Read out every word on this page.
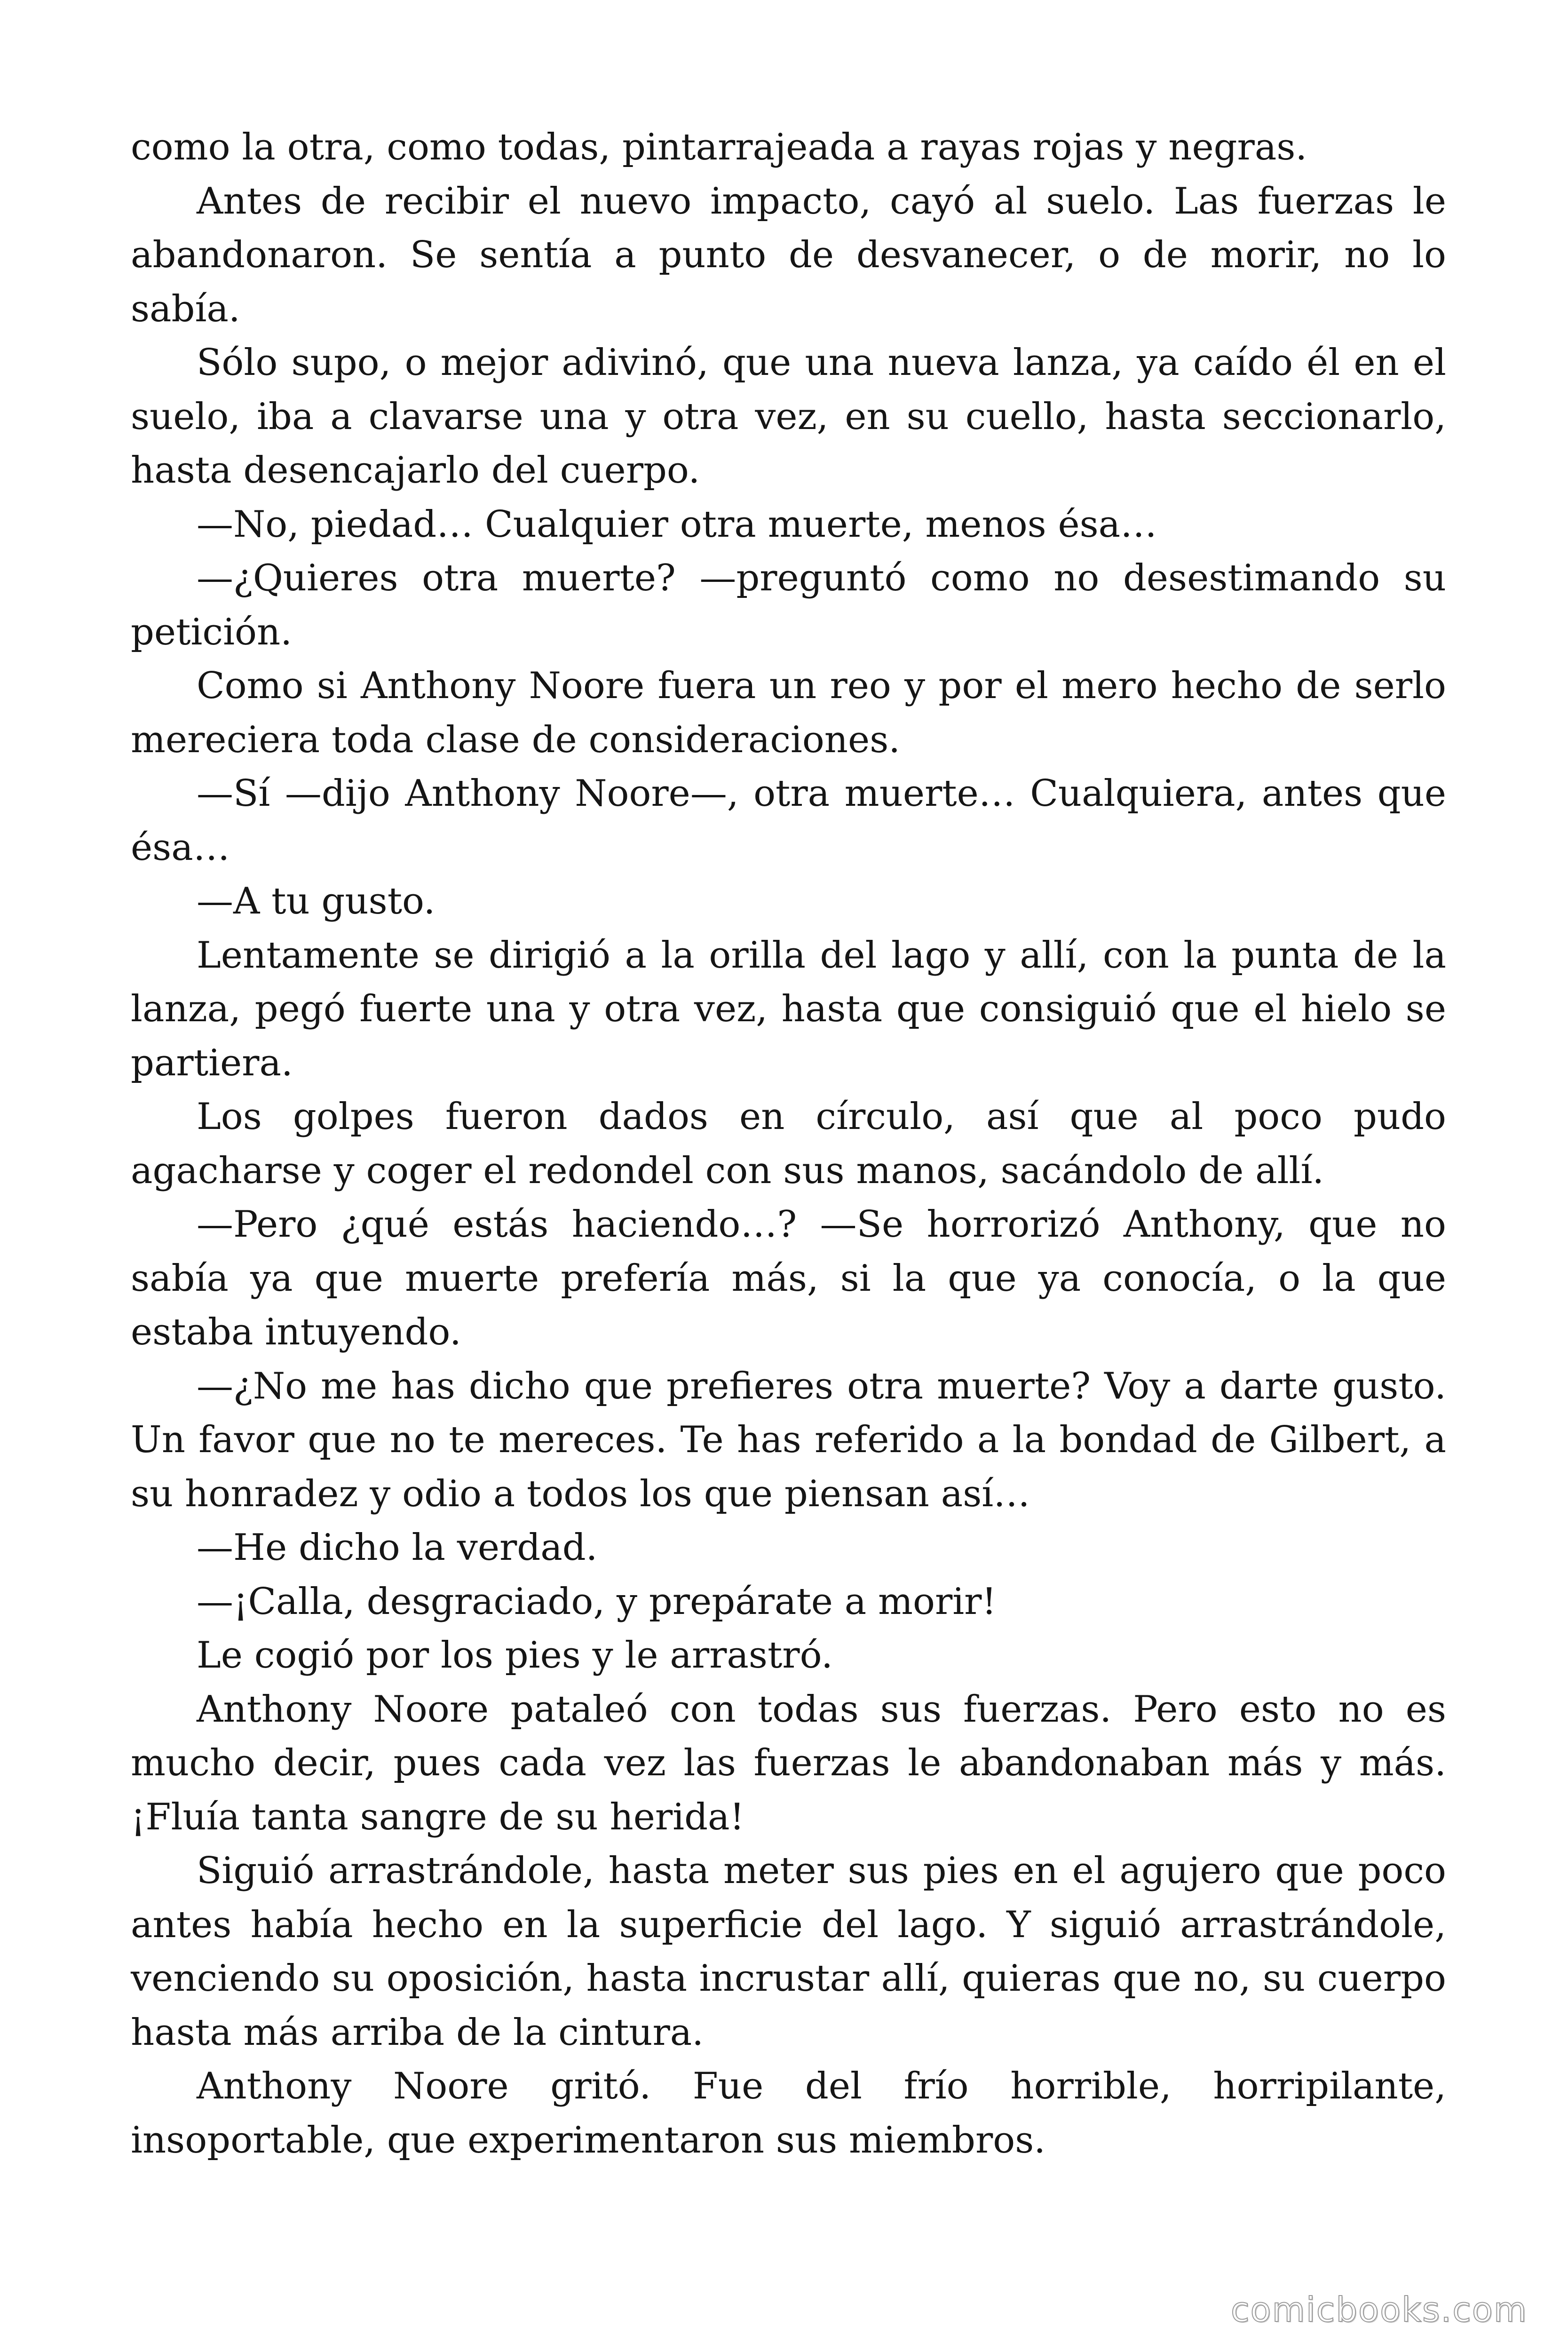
como la otra, como todas, pintarrajeada a rayas rojas y negras.

Antes de recibir el nuevo impacto, cayó al suelo. Las fuerzas le abandonaron. Se sentía a punto de desvanecer, o de morir, no lo sabía.

Sólo supo, o mejor adivinó, que una nueva lanza, ya caído él en el suelo, iba a clavarse una y otra vez, en su cuello, hasta seccionarlo, hasta desencajarlo del cuerpo.

—No, piedad… Cualquier otra muerte, menos ésa…

—¿Quieres otra muerte? —preguntó como no desestimando su petición.

Como si Anthony Noore fuera un reo y por el mero hecho de serlo mereciera toda clase de consideraciones.

—Sí —dijo Anthony Noore—, otra muerte… Cualquiera, antes que ésa…

—A tu gusto.

Lentamente se dirigió a la orilla del lago y allí, con la punta de la lanza, pegó fuerte una y otra vez, hasta que consiguió que el hielo se partiera.

Los golpes fueron dados en círculo, así que al poco pudo agacharse y coger el redondel con sus manos, sacándolo de allí.

—Pero ¿qué estás haciendo…? —Se horrorizó Anthony, que no sabía ya que muerte prefería más, si la que ya conocía, o la que estaba intuyendo.

—¿No me has dicho que prefieres otra muerte? Voy a darte gusto. Un favor que no te mereces. Te has referido a la bondad de Gilbert, a su honradez y odio a todos los que piensan así…

—He dicho la verdad.

—¡Calla, desgraciado, y prepárate a morir!

Le cogió por los pies y le arrastró.

Anthony Noore pataleó con todas sus fuerzas. Pero esto no es mucho decir, pues cada vez las fuerzas le abandonaban más y más. ¡Fluía tanta sangre de su herida!

Siguió arrastrándole, hasta meter sus pies en el agujero que poco antes había hecho en la superficie del lago. Y siguió arrastrándole, venciendo su oposición, hasta incrustar allí, quieras que no, su cuerpo hasta más arriba de la cintura.

Anthony Noore gritó. Fue del frío horrible, horripilante, insoportable, que experimentaron sus miembros.

comicbooks.com
